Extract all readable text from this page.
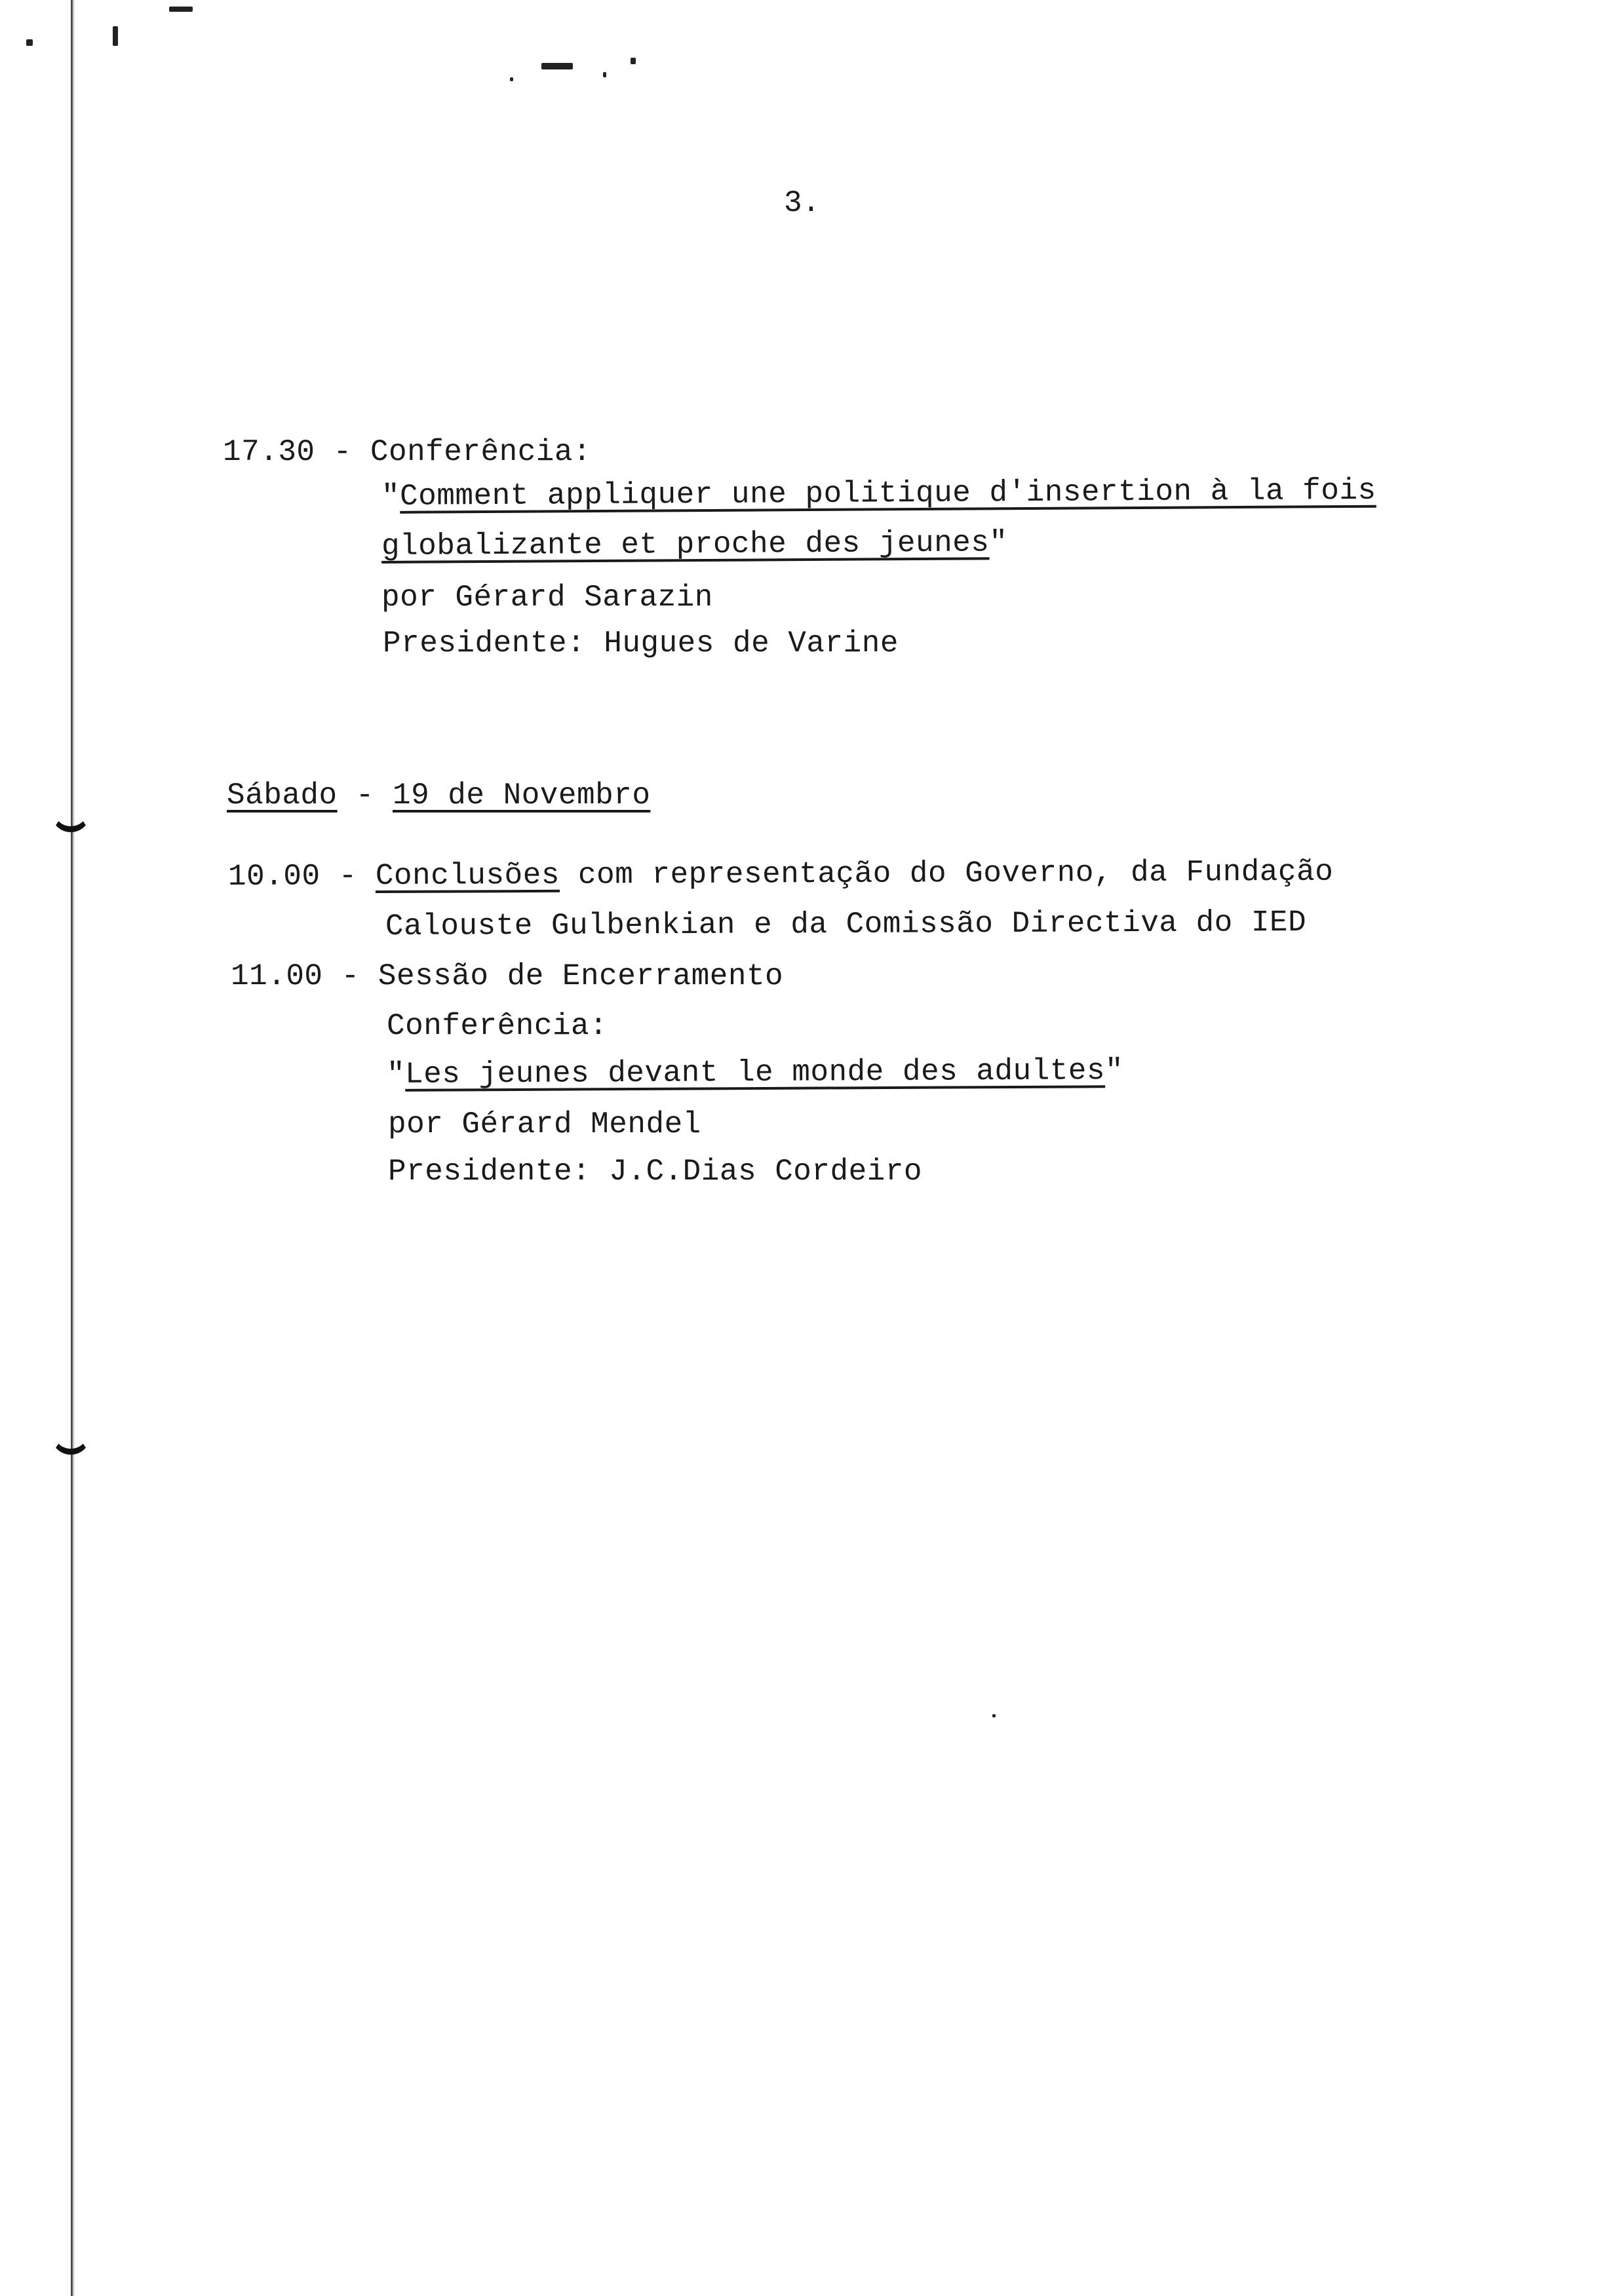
3.
17.30 - Conferência:
"Comment appliquer une politique d'insertion à la fois
globalizante et proche des jeunes"
por Gérard Sarazin
Presidente: Hugues de Varine
Sábado - 19 de Novembro
10.00 - Conclusões com representação do Governo, da Fundação
Calouste Gulbenkian e da Comissão Directiva do IED
11.00 - Sessão de Encerramento
Conferência:
"Les jeunes devant le monde des adultes"
por Gérard Mendel
Presidente: J.C.Dias Cordeiro
